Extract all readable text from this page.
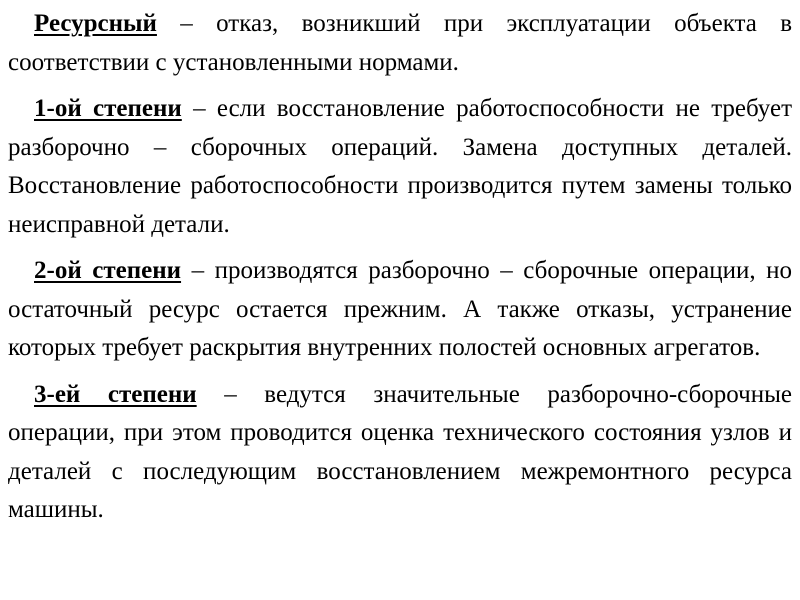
Ресурсный – отказ, возникший при эксплуатации объекта в соответствии с установленными нормами.

1-ой степени – если восстановление работоспособности не требует разборочно – сборочных операций. Замена доступных деталей. Восстановление работоспособности производится путем замены только неисправной детали.

2-ой степени – производятся разборочно – сборочные операции, но остаточный ресурс остается прежним. А также отказы, устранение которых требует раскрытия внутренних полостей основных агрегатов.

3-ей степени – ведутся значительные разборочно-сборочные операции, при этом проводится оценка технического состояния узлов и деталей с последующим восстановлением межремонтного ресурса машины.
